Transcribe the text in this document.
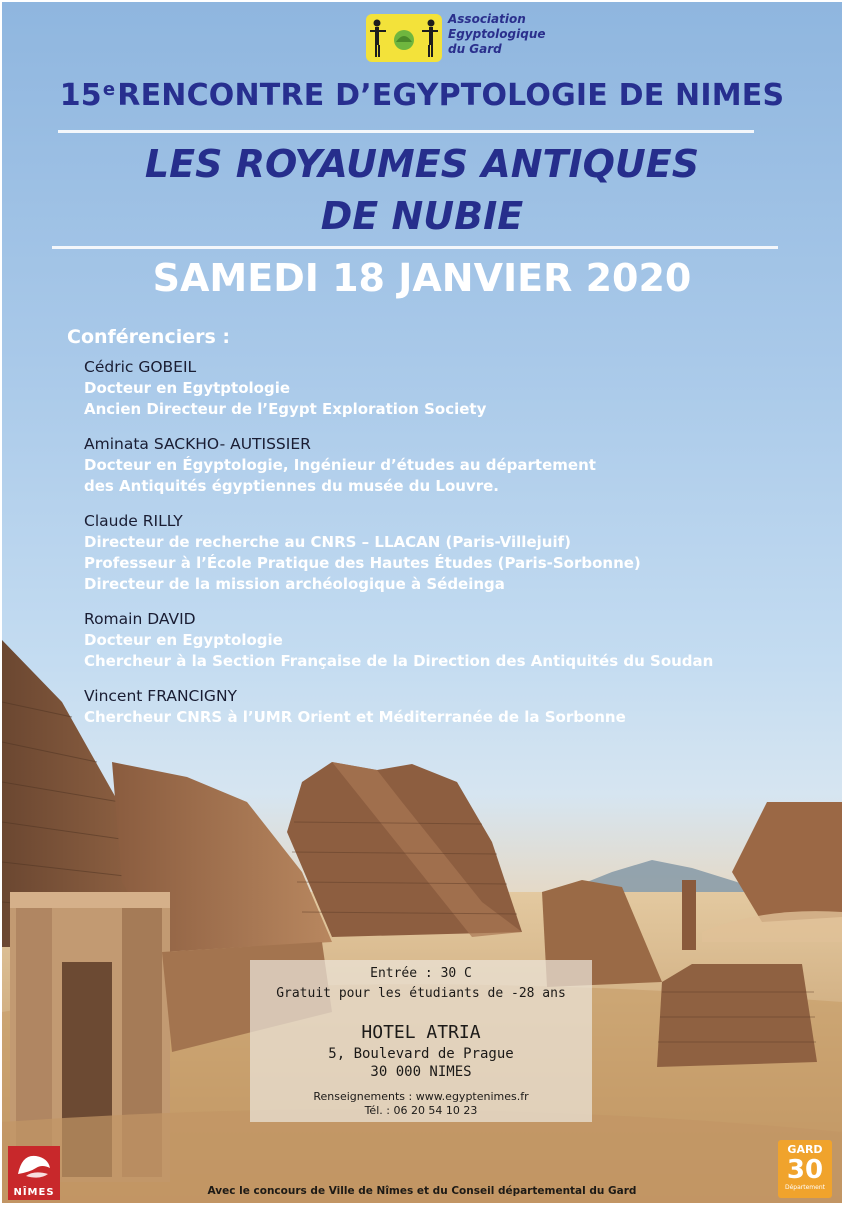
Association
Egyptologique
du Gard
15eRENCONTRE D’EGYPTOLOGIE DE NIMES
LES ROYAUMES ANTIQUES
DE NUBIE
SAMEDI 18 JANVIER 2020
Conférenciers :
Cédric GOBEIL
Docteur en Egytptologie
Ancien Directeur de l’Egypt Exploration Society
Aminata SACKHO- AUTISSIER
Docteur en Égyptologie, Ingénieur d’études au département
des Antiquités égyptiennes du musée du Louvre.
Claude RILLY
Directeur de recherche au CNRS – LLACAN (Paris-Villejuif)
Professeur à l’École Pratique des Hautes Études (Paris-Sorbonne)
Directeur de la mission archéologique à Sédeinga
Romain DAVID
Docteur en Egyptologie
Chercheur à la Section Française de la Direction des Antiquités du Soudan
Vincent FRANCIGNY
Chercheur CNRS à l’UMR Orient et Méditerranée de la Sorbonne
Entrée : 30 C
Gratuit pour les étudiants de -28 ans
HOTEL ATRIA
5, Boulevard de Prague
30 000 NIMES
Renseignements : www.egyptenimes.fr
Tél. : 06 20 54 10 23
NÎMES
GARD
30
Département
Avec le concours de Ville de Nîmes et du Conseil départemental du Gard
